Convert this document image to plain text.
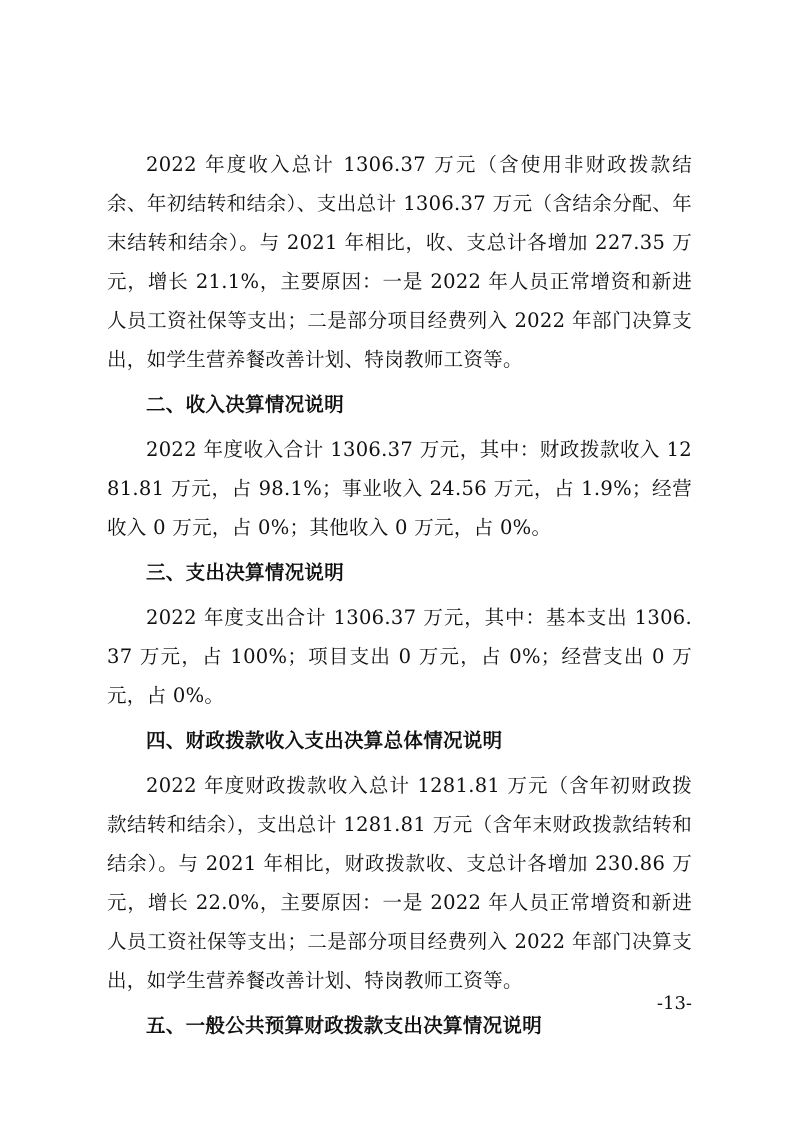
2022 年度收入总计 1306.37 万元（含使用非财政拨款结余、年初结转和结余）、支出总计 1306.37 万元（含结余分配、年末结转和结余）。与 2021 年相比，收、支总计各增加 227.35 万元，增长 21.1%，主要原因：一是 2022 年人员正常增资和新进人员工资社保等支出；二是部分项目经费列入 2022 年部门决算支出，如学生营养餐改善计划、特岗教师工资等。

二、收入决算情况说明

2022 年度收入合计 1306.37 万元，其中：财政拨款收入 1281.81 万元，占 98.1%；事业收入 24.56 万元，占 1.9%；经营收入 0 万元，占 0%；其他收入 0 万元，占 0%。

三、支出决算情况说明

2022 年度支出合计 1306.37 万元，其中：基本支出 1306.37 万元，占 100%；项目支出 0 万元，占 0%；经营支出 0 万元，占 0%。

四、财政拨款收入支出决算总体情况说明

2022 年度财政拨款收入总计 1281.81 万元（含年初财政拨款结转和结余），支出总计 1281.81 万元（含年末财政拨款结转和结余）。与 2021 年相比，财政拨款收、支总计各增加 230.86 万元，增长 22.0%，主要原因：一是 2022 年人员正常增资和新进人员工资社保等支出；二是部分项目经费列入 2022 年部门决算支出，如学生营养餐改善计划、特岗教师工资等。

五、一般公共预算财政拨款支出决算情况说明

-13-
